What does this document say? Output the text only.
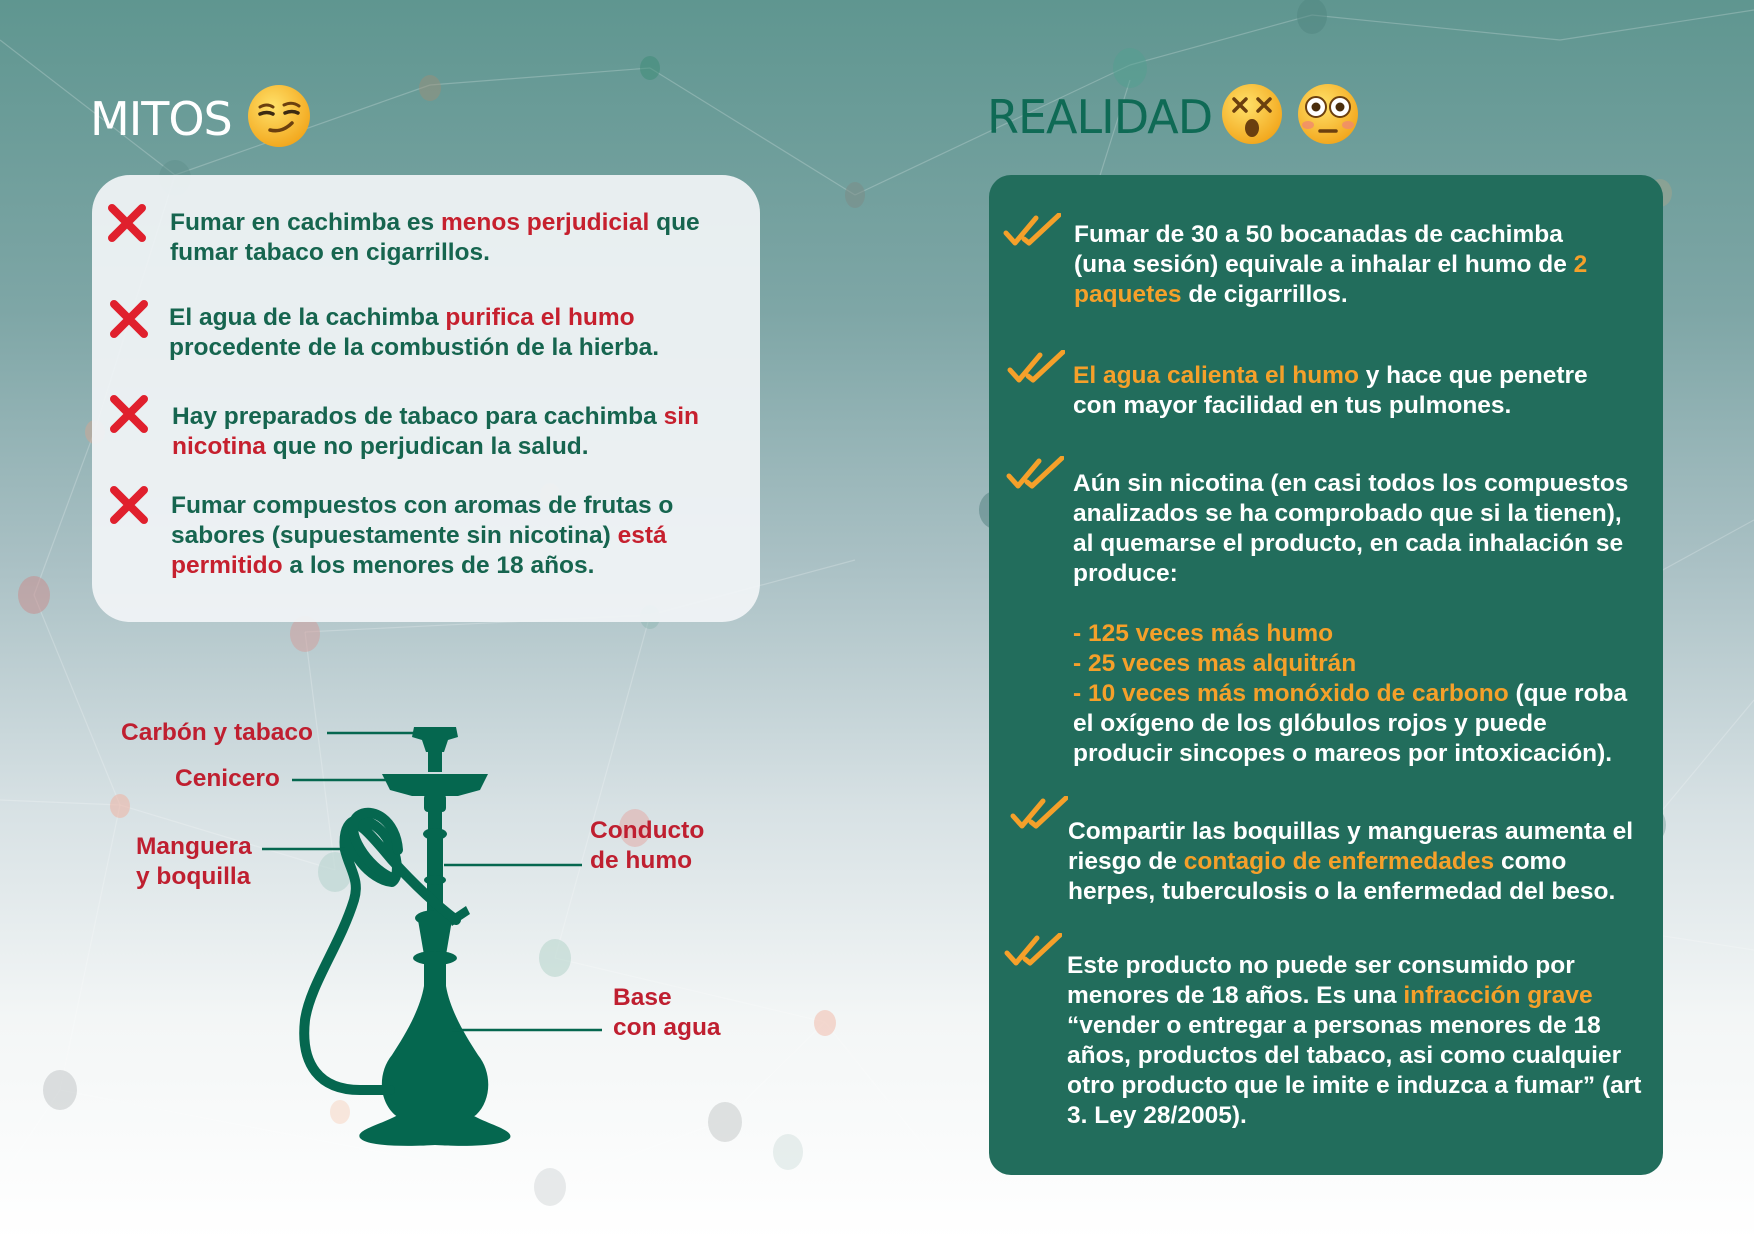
MITOS	REALIDAD
Fumar en cachimba es menos perjudicial que fumar tabaco en cigarrillos.
El agua de la cachimba purifica el humo procedente de la combustión de la hierba.
Hay preparados de tabaco para cachimba sin nicotina que no perjudican la salud.
Fumar compuestos con aromas de frutas o sabores (supuestamente sin nicotina) está permitido a los menores de 18 años.
Fumar de 30 a 50 bocanadas de cachimba (una sesión) equivale a inhalar el humo de 2 paquetes de cigarrillos.
El agua calienta el humo y hace que penetre con mayor facilidad en tus pulmones.
Aún sin nicotina (en casi todos los compuestos analizados se ha comprobado que si la tienen), al quemarse el producto, en cada inhalación se produce:
- 125 veces más humo
- 25 veces mas alquitrán
- 10 veces más monóxido de carbono (que roba el oxígeno de los glóbulos rojos y puede producir sincopes o mareos por intoxicación).
Compartir las boquillas y mangueras aumenta el riesgo de contagio de enfermedades como herpes, tuberculosis o la enfermedad del beso.
Este producto no puede ser consumido por menores de 18 años. Es una infracción grave “vender o entregar a personas menores de 18 años, productos del tabaco, asi como cualquier otro producto que le imite e induzca a fumar” (art 3. Ley 28/2005).
Carbón y tabaco
Cenicero
Manguera
y boquilla
Conducto
de humo
Base
con agua
